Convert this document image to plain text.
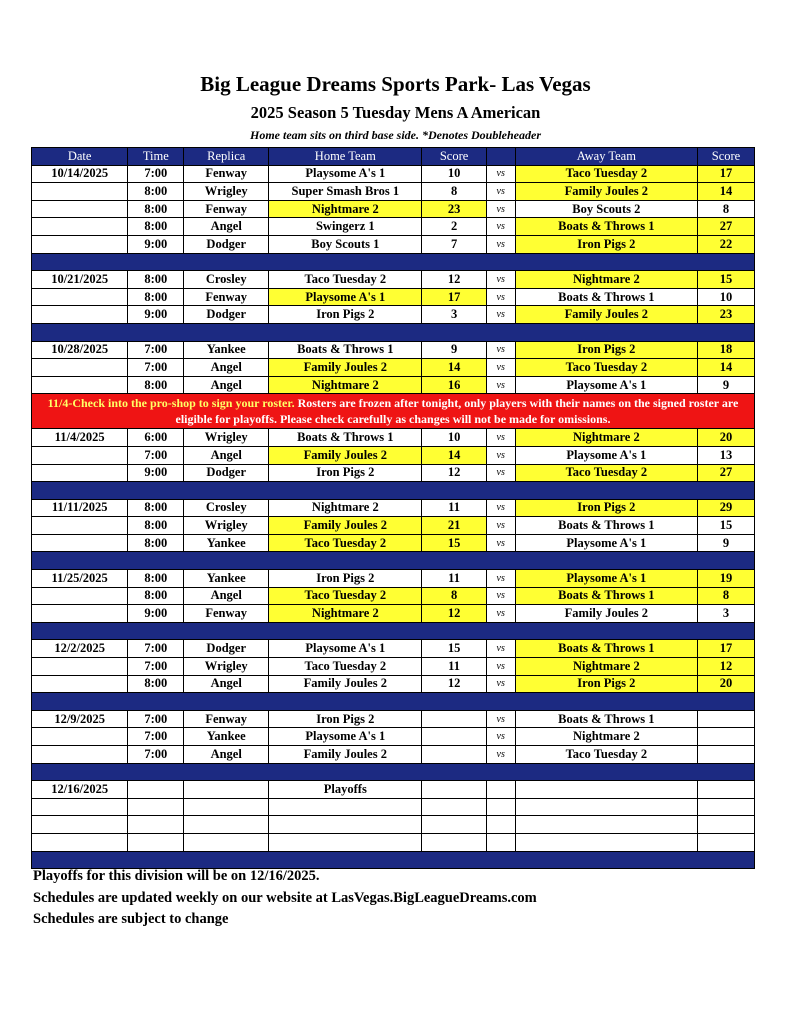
Big League Dreams Sports Park- Las Vegas
2025 Season 5 Tuesday Mens A American
Home team sits on third base side. *Denotes Doubleheader
Date	Time	Replica	Home Team	Score		Away Team	Score
10/14/2025	7:00	Fenway	Playsome A's 1	10	vs	Taco Tuesday 2	17
	8:00	Wrigley	Super Smash Bros 1	8	vs	Family Joules 2	14
	8:00	Fenway	Nightmare 2	23	vs	Boy Scouts 2	8
	8:00	Angel	Swingerz 1	2	vs	Boats & Throws 1	27
	9:00	Dodger	Boy Scouts 1	7	vs	Iron Pigs 2	22

10/21/2025	8:00	Crosley	Taco Tuesday 2	12	vs	Nightmare 2	15
	8:00	Fenway	Playsome A's 1	17	vs	Boats & Throws 1	10
	9:00	Dodger	Iron Pigs 2	3	vs	Family Joules 2	23

10/28/2025	7:00	Yankee	Boats & Throws 1	9	vs	Iron Pigs 2	18
	7:00	Angel	Family Joules 2	14	vs	Taco Tuesday 2	14
	8:00	Angel	Nightmare 2	16	vs	Playsome A's 1	9
11/4-Check into the pro-shop to sign your roster. Rosters are frozen after tonight, only players with their names on the signed roster are eligible for playoffs. Please check carefully as changes will not be made for omissions.							
11/4/2025	6:00	Wrigley	Boats & Throws 1	10	vs	Nightmare 2	20
	7:00	Angel	Family Joules 2	14	vs	Playsome A's 1	13
	9:00	Dodger	Iron Pigs 2	12	vs	Taco Tuesday 2	27

11/11/2025	8:00	Crosley	Nightmare 2	11	vs	Iron Pigs 2	29
	8:00	Wrigley	Family Joules 2	21	vs	Boats & Throws 1	15
	8:00	Yankee	Taco Tuesday 2	15	vs	Playsome A's 1	9

11/25/2025	8:00	Yankee	Iron Pigs 2	11	vs	Playsome A's 1	19
	8:00	Angel	Taco Tuesday 2	8	vs	Boats & Throws 1	8
	9:00	Fenway	Nightmare 2	12	vs	Family Joules 2	3

12/2/2025	7:00	Dodger	Playsome A's 1	15	vs	Boats & Throws 1	17
	7:00	Wrigley	Taco Tuesday 2	11	vs	Nightmare 2	12
	8:00	Angel	Family Joules 2	12	vs	Iron Pigs 2	20

12/9/2025	7:00	Fenway	Iron Pigs 2		vs	Boats & Throws 1	
	7:00	Yankee	Playsome A's 1		vs	Nightmare 2	
	7:00	Angel	Family Joules 2		vs	Taco Tuesday 2	

12/16/2025			Playoffs				

Playoffs for this division will be on 12/16/2025.
Schedules are updated weekly on our website at LasVegas.BigLeagueDreams.com
Schedules are subject to change
